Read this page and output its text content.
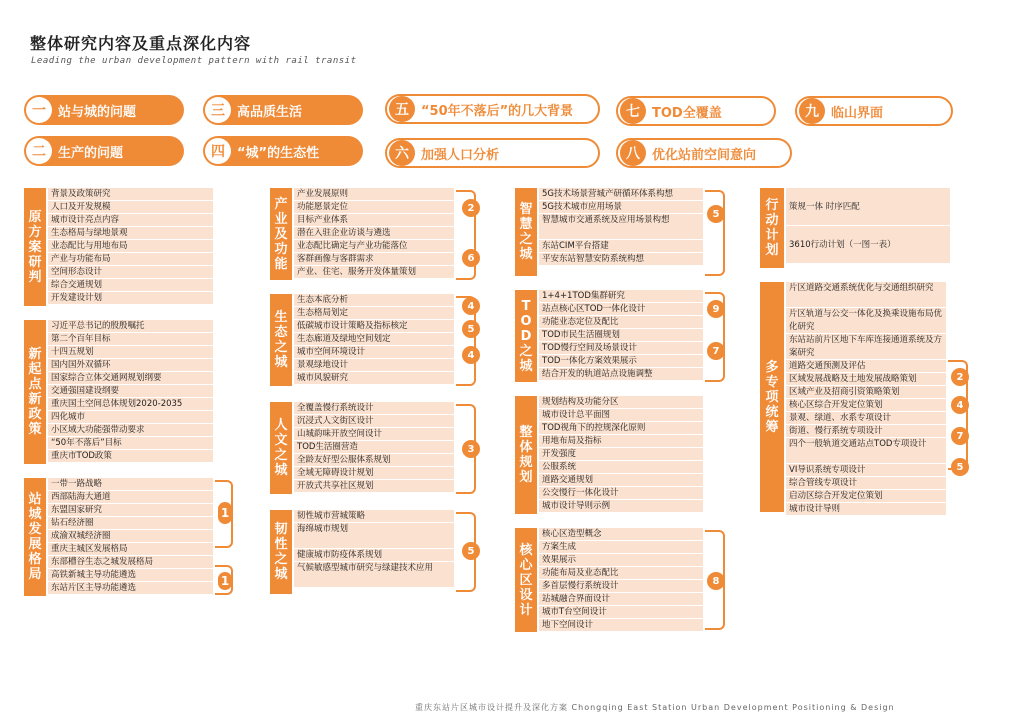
整体研究内容及重点深化内容
Leading the urban development pattern with rail transit
一 站与城的问题
二 生产的问题
三 高品质生活
四 “城”的生态性
五 “50年不落后”的几大背景
六 加强人口分析
七 TOD全覆盖
八 优化站前空间意向
九 临山界面
原方案研判
背景及政策研究
人口及开发规模
城市设计亮点内容
生态格局与绿地景观
业态配比与用地布局
产业与功能布局
空间形态设计
综合交通规划
开发建设计划
新起点新政策
习近平总书记的殷殷嘱托
第二个百年目标
十四五规划
国内国外双循环
国家综合立体交通网规划纲要
交通强国建设纲要
重庆国土空间总体规划2020-2035
四化城市
小区域大功能强带动要求
“50年不落后”目标
重庆市TOD政策
站城发展格局
一带一路战略
西部陆海大通道
东盟国家研究
钻石经济圈
成渝双城经济圈
重庆主城区发展格局
东部槽谷生态之城发展格局
高铁新城主导功能遴选
东站片区主导功能遴选
1
1
产业及功能
产业发展原则
功能愿景定位
目标产业体系
潜在入驻企业访谈与遴选
业态配比确定与产业功能落位
客群画像与客群需求
产业、住宅、服务开发体量策划
2
6
生态之城
生态本底分析
生态格局划定
低碳城市设计策略及指标核定
生态廊道及绿地空间划定
城市空间环境设计
景观绿地设计
城市风貌研究
4
5
4
人文之城
全覆盖慢行系统设计
沉浸式人文街区设计
山城韵味开放空间设计
TOD生活圈营造
全龄友好型公服体系规划
全域无障碍设计规划
开放式共享社区规划
3
韧性之城
韧性城市营城策略
海绵城市规划
健康城市防疫体系规划
气候敏感型城市研究与绿建技术应用
5
智慧之城
5G技术场景营城产研循环体系构想
5G技术城市应用场景
智慧城市交通系统及应用场景构想
东站CIM平台搭建
平安东站智慧安防系统构想
5
TOD之城
1+4+1TOD集群研究
站点核心区TOD一体化设计
功能业态定位及配比
TOD市民生活圈规划
TOD慢行空间及场景设计
TOD一体化方案效果展示
结合开发的轨道站点设施调整
9
7
整体规划
规划结构及功能分区
城市设计总平面图
TOD视角下的控规深化原则
用地布局及指标
开发强度
公服系统
道路交通规划
公交慢行一体化设计
城市设计导则示例
核心区设计
核心区造型概念
方案生成
效果展示
功能布局及业态配比
多首层慢行系统设计
站城融合界面设计
城市T台空间设计
地下空间设计
8
行动计划
策规一体 时序匹配
3610行动计划（一图一表）
多专项统筹
片区道路交通系统优化与交通组织研究
片区轨道与公交一体化及换乘设施布局优化研究
东站站前片区地下车库连接通道系统及方案研究
道路交通预测及评估
区域发展战略及土地发展战略策划
区域产业及招商引资策略策划
核心区综合开发定位策划
景观、绿道、水系专项设计
街道、慢行系统专项设计
四个一般轨道交通站点TOD专项设计
VI导识系统专项设计
综合管线专项设计
启动区综合开发定位策划
城市设计导则
2
4
7
5
重庆东站片区城市设计提升及深化方案 Chongqing East Station Urban Development Positioning & Design
